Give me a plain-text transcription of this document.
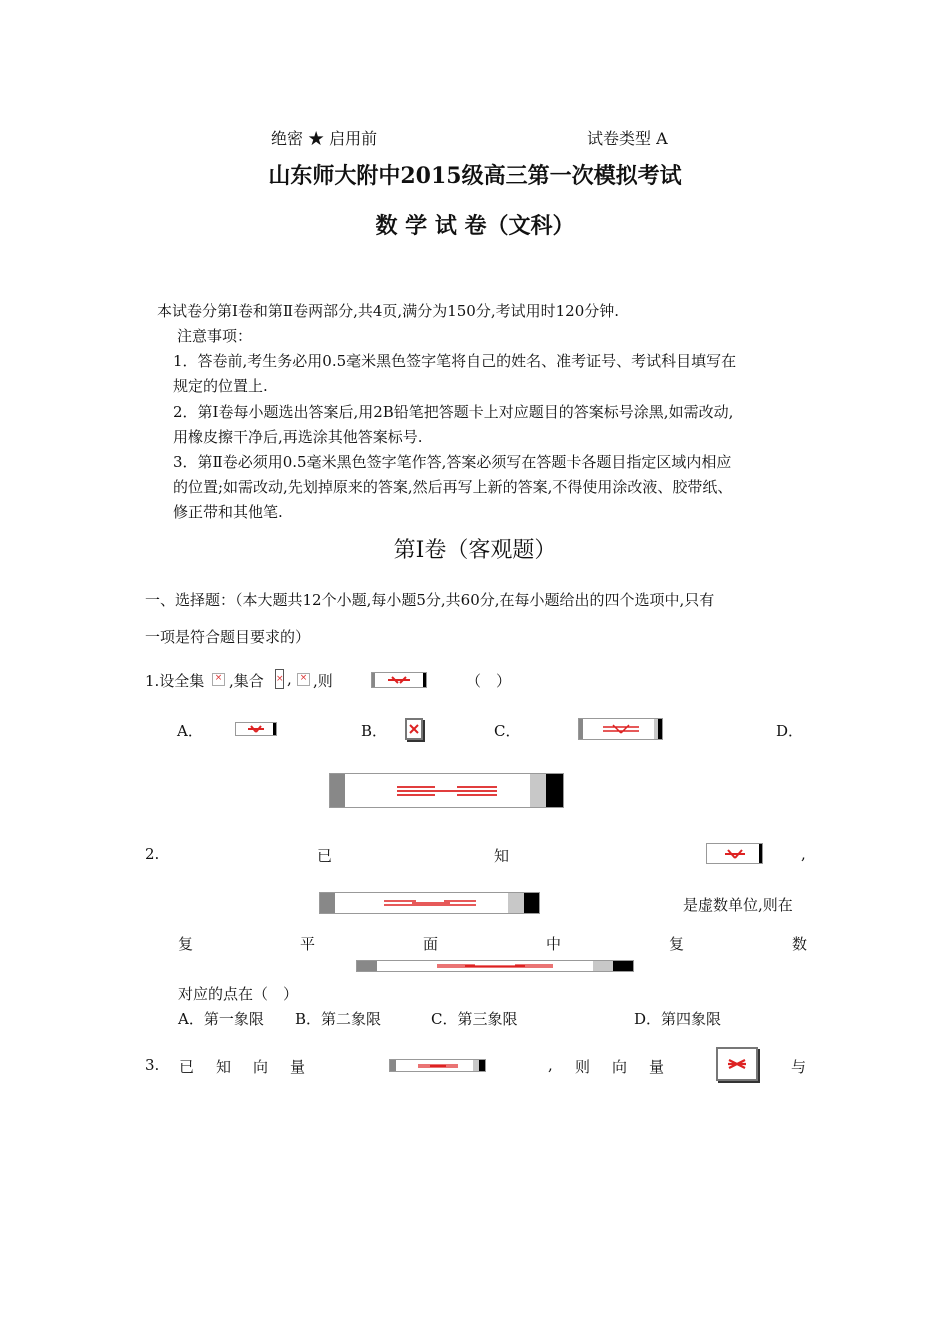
绝密 ★ 启用前	试卷类型 A
山东师大附中2015级高三第一次模拟考试
数 学 试 卷（文科）
本试卷分第Ⅰ卷和第Ⅱ卷两部分,共4页,满分为150分,考试用时120分钟.
注意事项：
1．答卷前,考生务必用0.5毫米黑色签字笔将自己的姓名、准考证号、考试科目填写在
规定的位置上.
2．第Ⅰ卷每小题选出答案后,用2B铅笔把答题卡上对应题目的答案标号涂黑,如需改动,
用橡皮擦干净后,再选涂其他答案标号.
3．第Ⅱ卷必须用0.5毫米黑色签字笔作答,答案必须写在答题卡各题目指定区域内相应
的位置;如需改动,先划掉原来的答案,然后再写上新的答案,不得使用涂改液、胶带纸、
修正带和其他笔.
第I卷（客观题）
一、选择题：（本大题共12个小题,每小题5分,共60分,在每小题给出的四个选项中,只有
一项是符合题目要求的）
1.设全集	× ,集合 × , × ,则	（　）
A．	B．	C．	D．
2.	已	知	,
是虚数单位,则在
复	平	面	中	复	数
对应的点在（　）
A．第一象限 B．第二象限	C．第三象限	D．第四象限
3. 已 知 向 量	, 则 向 量	与
